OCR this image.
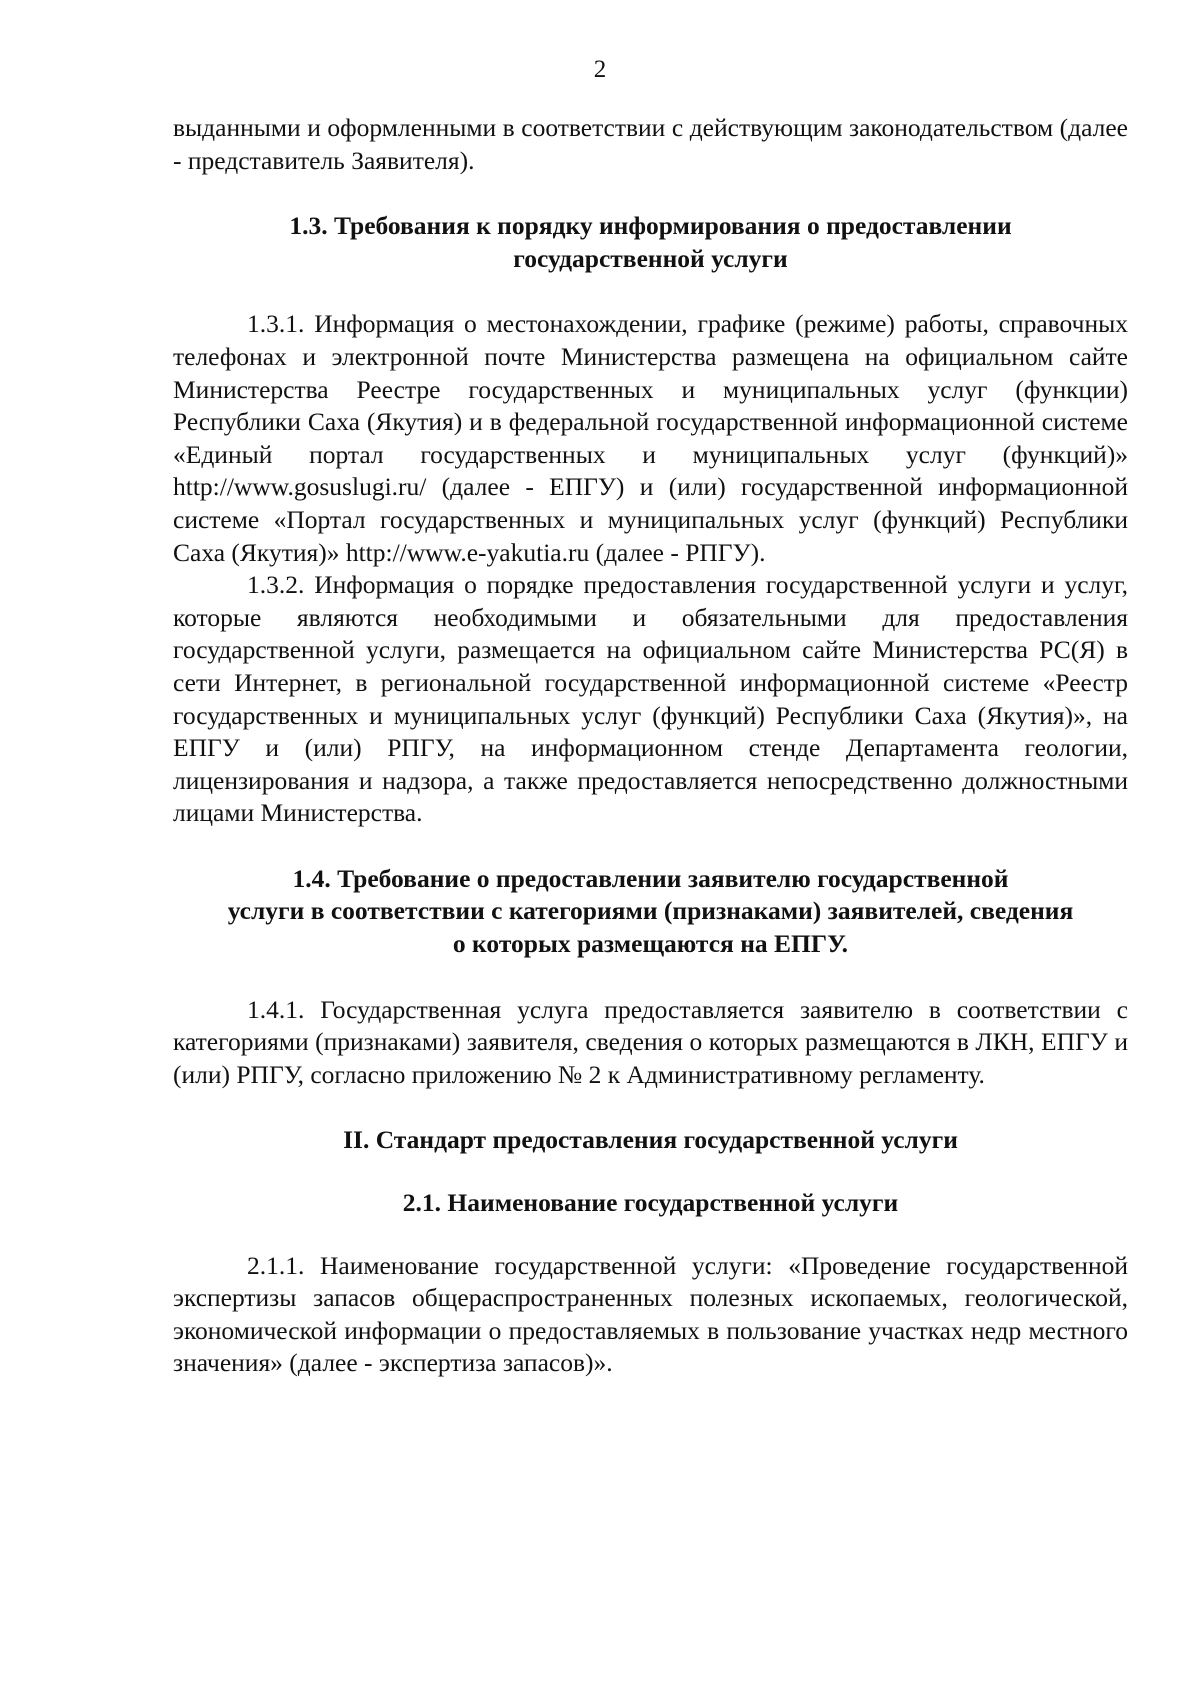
2

выданными и оформленными в соответствии с действующим законодательством (далее - представитель Заявителя).

1.3. Требования к порядку информирования о предоставлении государственной услуги

1.3.1. Информация о местонахождении, графике (режиме) работы, справочных телефонах и электронной почте Министерства размещена на официальном сайте Министерства Реестре государственных и муниципальных услуг (функции) Республики Саха (Якутия) и в федеральной государственной информационной системе «Единый портал государственных и муниципальных услуг (функций)» http://www.gosuslugi.ru/ (далее - ЕПГУ) и (или) государственной информационной системе «Портал государственных и муниципальных услуг (функций) Республики Саха (Якутия)» http://www.e-yakutia.ru (далее - РПГУ).

1.3.2. Информация о порядке предоставления государственной услуги и услуг, которые являются необходимыми и обязательными для предоставления государственной услуги, размещается на официальном сайте Министерства РС(Я) в сети Интернет, в региональной государственной информационной системе «Реестр государственных и муниципальных услуг (функций) Республики Саха (Якутия)», на ЕПГУ и (или) РПГУ, на информационном стенде Департамента геологии, лицензирования и надзора, а также предоставляется непосредственно должностными лицами Министерства.

1.4. Требование о предоставлении заявителю государственной

услуги в соответствии с категориями (признаками) заявителей, сведения

о которых размещаются на ЕПГУ.

1.4.1. Государственная услуга предоставляется заявителю в соответствии с категориями (признаками) заявителя, сведения о которых размещаются в ЛКН, ЕПГУ и (или) РПГУ, согласно приложению № 2 к Административному регламенту.

II. Стандарт предоставления государственной услуги

2.1. Наименование государственной услуги

2.1.1. Наименование государственной услуги: «Проведение государственной экспертизы запасов общераспространенных полезных ископаемых, геологической, экономической информации о предоставляемых в пользование участках недр местного значения» (далее - экспертиза запасов)».
